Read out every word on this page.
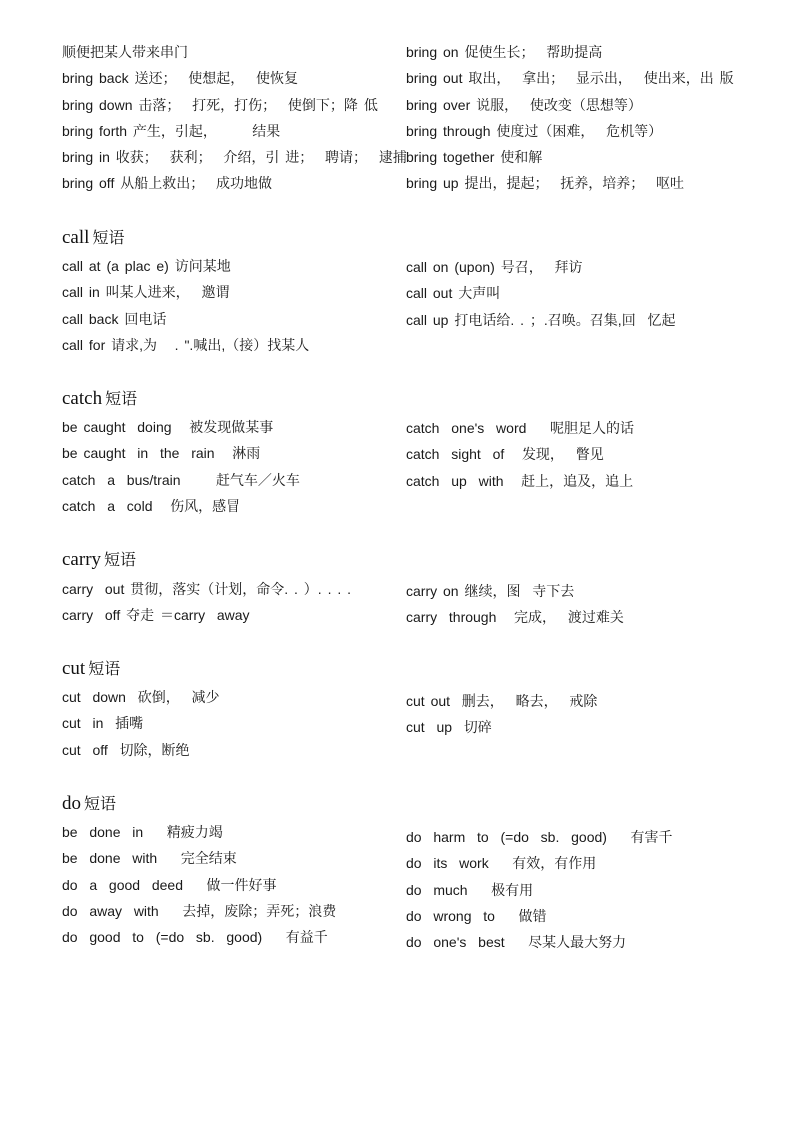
顺便把某人带来串门
bring back 送还；  使想起，  使恢复
bring down 击落；  打死，打伤；  使倒下；降 低
bring forth 产生，引起，      结果
bring in 收获；  获利；  介绍，引 进；  聘请；  逮捕
bring off 从船上救出；  成功地做
bring on 促使生长；  帮助提高
bring out 取出，  拿出；  显示出，  使出来，出 版
bring over 说服，  使改变（思想等）
bring through 使度过（困难，  危机等）
bring together 使和解
bring up 提出，提起；  抚养，培养；  呕吐
call 短语
call at (a plac e) 访问某地
call in 叫某人进来，  邀谓
call back 回电话
call for 请求,为   . ".喊出,（接）找某人
call on (upon) 号召，  拜访
call out 大声叫
call up 打电话给. . ；.召唤。召集,回  忆起
catch 短语
be caught  doing   被发现做某事
be caught  in  the  rain   淋雨
catch  a  bus/train      赶气车／火车
catch  a  cold   伤风，感冒
catch  one's  word    呢胆足人的话
catch  sight  of   发现，  瞥见
catch  up  with   赶上，追及，追上
carry 短语
carry  out 贯彻，落实（计划，命令. . ）. . . .
carry  off 夺走 ＝carry  away
carry on 继续，图  寺下去
carry  through   完成，  渡过难关
cut 短语
cut  down  砍倒，  减少
cut  in  插嘴
cut  off  切除，断绝
cut out  删去，  略去，  戒除
cut  up  切碎
do 短语
be  done  in    精疲力竭
be  done  with    完全结束
do  a  good  deed    做一件好事
do  away  with    去掉，废除；弄死；浪费
do  good  to  (=do  sb.  good)    有益千
do  harm  to  (=do  sb.  good)    有害千
do  its  work    有效，有作用
do  much    极有用
do  wrong  to    做错
do  one's  best    尽某人最大努力
